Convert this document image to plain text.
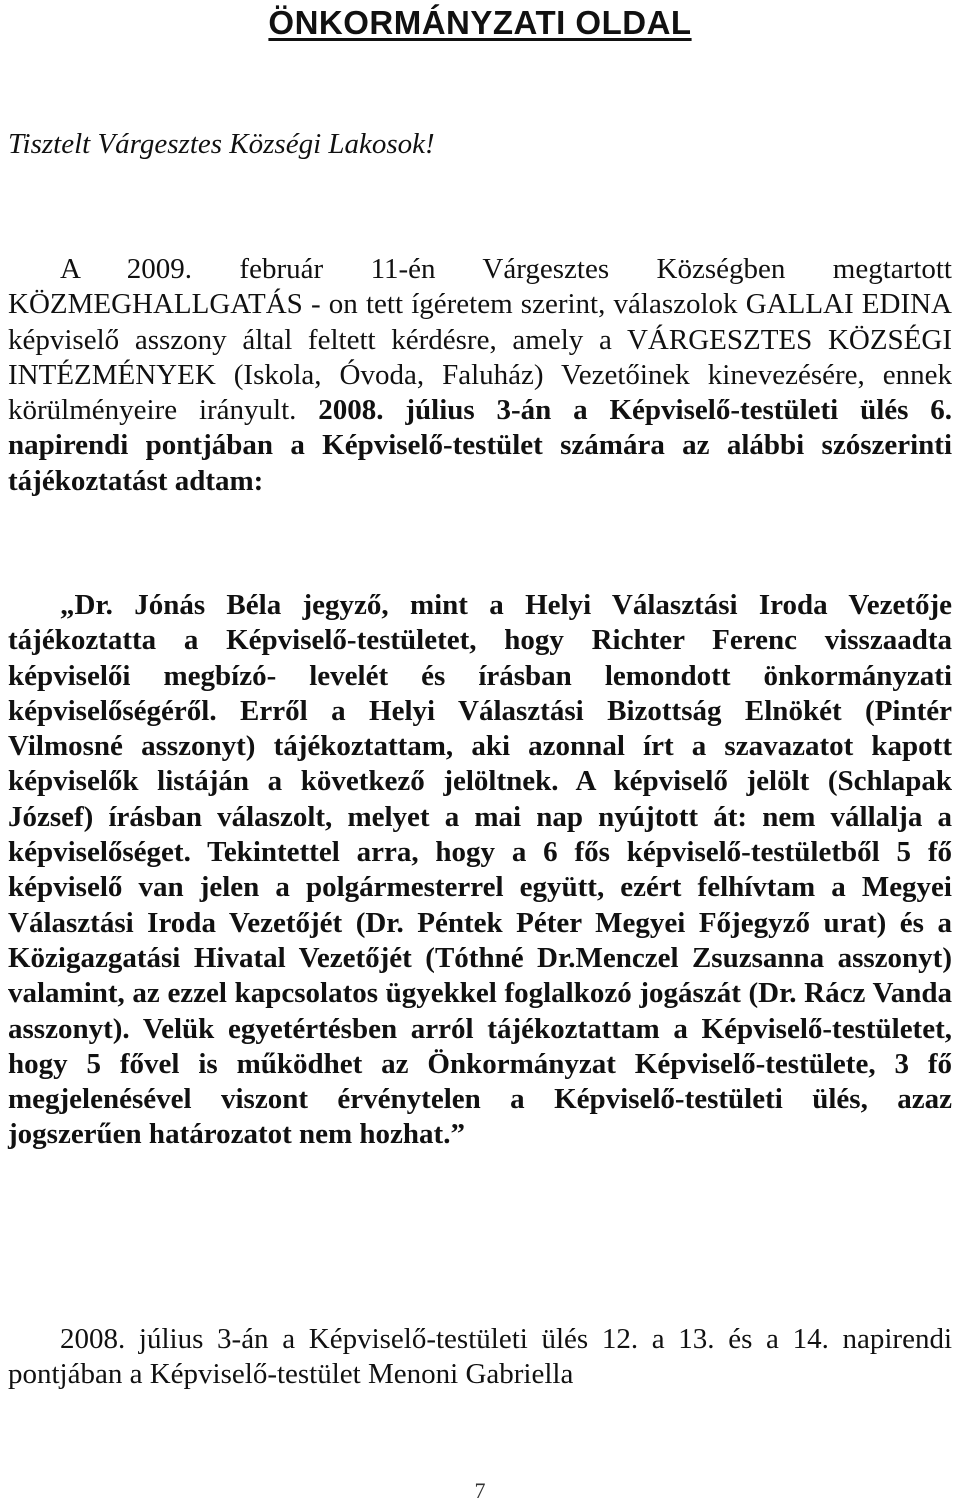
ÖNKORMÁNYZATI OLDAL
Tisztelt Várgesztes Községi Lakosok!

A 2009. február 11-én Várgesztes Községben megtartott KÖZMEGHALLGATÁS - on tett ígéretem szerint, válaszolok GALLAI EDINA képviselő asszony által feltett kérdésre, amely a VÁRGESZTES KÖZSÉGI INTÉZMÉNYEK (Iskola, Óvoda, Faluház) Vezetőinek kinevezésére, ennek körülményeire irányult. 2008. július 3-án a Képviselő-testületi ülés 6. napirendi pontjában a Képviselő-testület számára az alábbi szószerinti tájékoztatást adtam:

„Dr. Jónás Béla jegyző, mint a Helyi Választási Iroda Vezetője tájékoztatta a Képviselő-testületet, hogy Richter Ferenc visszaadta képviselői megbízó- levelét és írásban lemondott önkormányzati képviselőségéről. Erről a Helyi Választási Bizottság Elnökét (Pintér Vilmosné asszonyt) tájékoztattam, aki azonnal írt a szavazatot kapott képviselők listáján a következő jelöltnek. A képviselő jelölt (Schlapak József) írásban válaszolt, melyet a mai nap nyújtott át: nem vállalja a képviselőséget. Tekintettel arra, hogy a 6 fős képviselő-testületből 5 fő képviselő van jelen a polgármesterrel együtt, ezért felhívtam a Megyei Választási Iroda Vezetőjét (Dr. Péntek Péter Megyei Főjegyző urat) és a Közigazgatási Hivatal Vezetőjét (Tóthné Dr.Menczel Zsuzsanna asszonyt) valamint, az ezzel kapcsolatos ügyekkel foglalkozó jogászát (Dr. Rácz Vanda asszonyt). Velük egyetértésben arról tájékoztattam a Képviselő-testületet, hogy 5 fővel is működhet az Önkormányzat Képviselő-testülete, 3 fő megjelenésével viszont érvénytelen a Képviselő-testületi ülés, azaz jogszerűen határozatot nem hozhat.”

2008. július 3-án a Képviselő-testületi ülés 12. a 13. és a 14. napirendi pontjában a Képviselő-testület Menoni Gabriella

7
